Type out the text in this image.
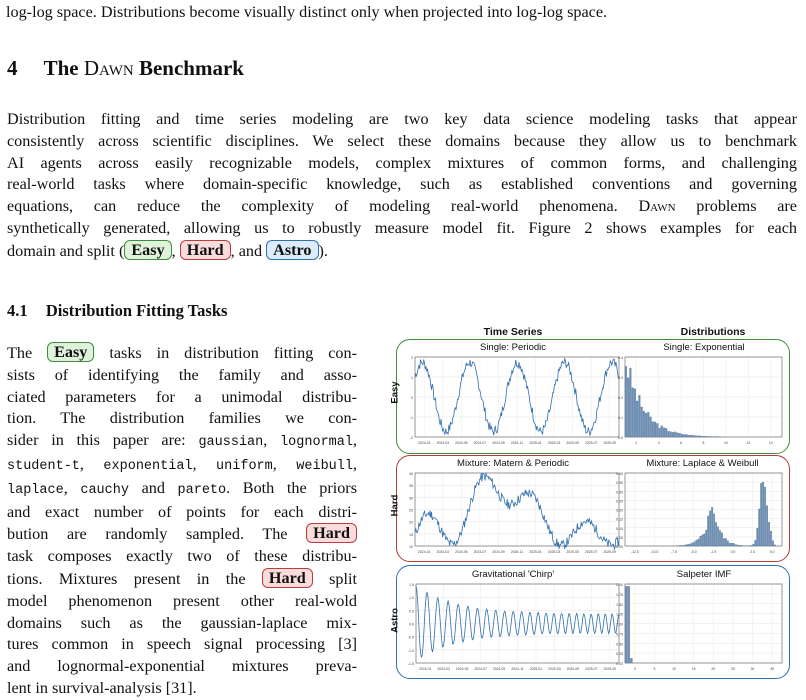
log-log space. Distributions become visually distinct only when projected into log-log space.
4 The Dawn Benchmark
Distribution fitting and time series modeling are two key data science modeling tasks that appear
consistently across scientific disciplines. We select these domains because they allow us to benchmark
AI agents across easily recognizable models, complex mixtures of common forms, and challenging
real-world tasks where domain-specific knowledge, such as established conventions and governing
equations, can reduce the complexity of modeling real-world phenomena. Dawn problems are
synthetically generated, allowing us to robustly measure model fit. Figure 2 shows examples for each
domain and split ( Easy , Hard , and Astro ).
4.1 Distribution Fitting Tasks
The Easy tasks in distribution fitting con-
sists of identifying the family and asso-
ciated parameters for a unimodal distribu-
tion. The distribution families we con-
sider in this paper are: gaussian, lognormal,
student-t, exponential, uniform, weibull,
laplace, cauchy and pareto. Both the priors
and exact number of points for each distri-
bution are randomly sampled. The Hard
task composes exactly two of these distribu-
tions. Mixtures present in the Hard split
model phenomenon present other real-wold
domains such as the gaussian-laplace mix-
tures common in speech signal processing [3]
and lognormal-exponential mixtures preva-
lent in survival-analysis [31].
Time Series	Distributions
Easy
Single: Periodic	Single: Exponential
2
1
0
-1
-2
2024-01 2024-03 2024-05 2024-07 2024-09 2024-11 2025-01 2025-03 2025-05 2025-07 2025-09
0.4
0.3
0.2
0.1
0.0
2	4	6	8	10	12	14
Hard
Mixture: Matern & Periodic	Mixture: Laplace & Weibull
40
35
30
25
20
15
10
2024-01 2024-03 2024-05 2024-07 2024-09 2024-11 2025-01 2025-03 2025-05 2025-07 2025-09
0.40
0.35
0.30
0.25
0.20
0.15
0.10
0.05
0.00
-12.5	-10.0	-7.5	-5.0	-2.5	0.0	2.5	5.0
Astro
Gravitational 'Chirp'	Salpeter IMF
1.5
1.0
0.5
0.0
-0.5
-1.0
-1.5
2024-01 2024-03 2024-05 2024-07 2024-09 2024-11 2025-01 2025-03 2025-05 2025-07 2025-09
2.00
1.75
1.50
1.25
1.00
0.75
0.50
0.25
0.00
0	5	10	15	20	25	30	35
